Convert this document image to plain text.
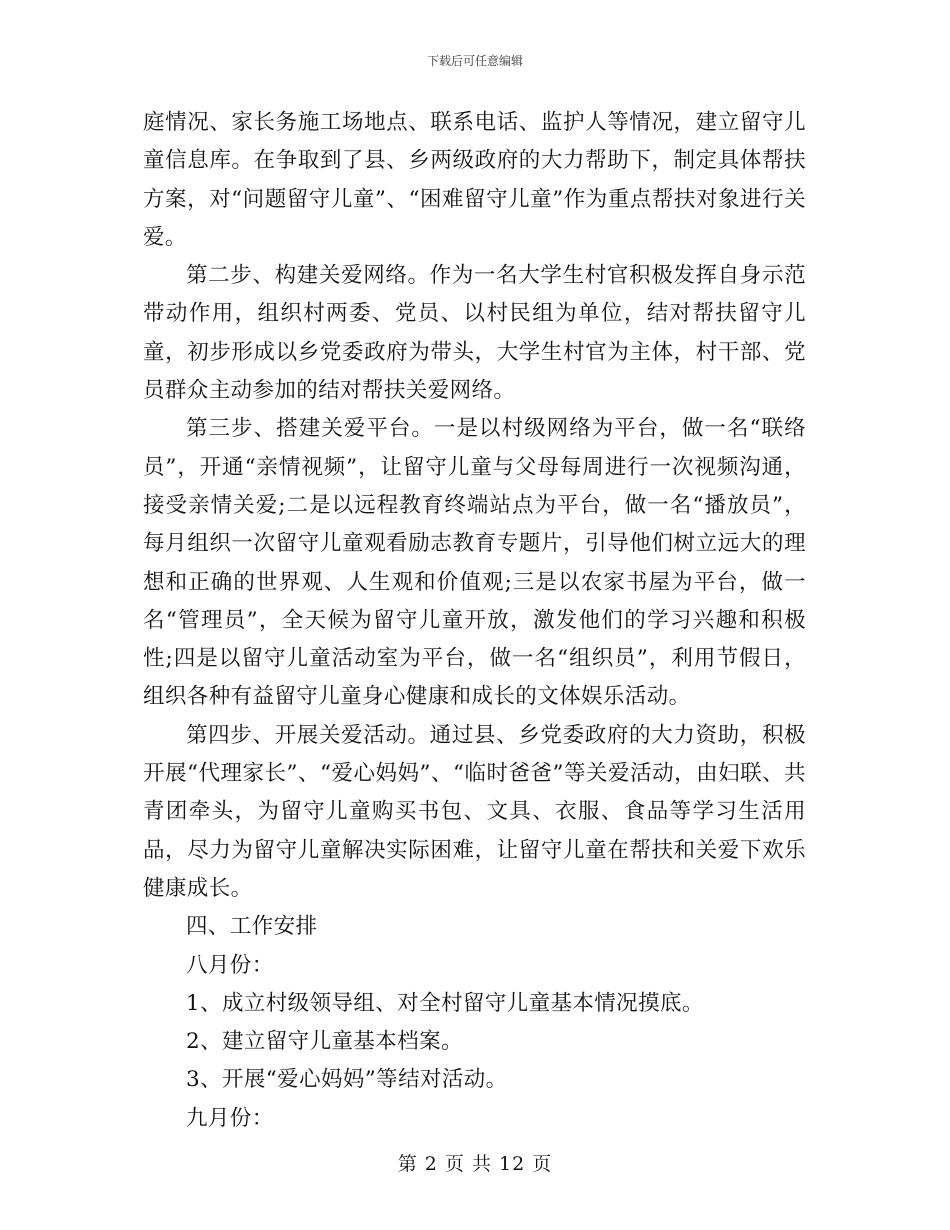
下载后可任意编辑

庭情况、家长务施工场地点、联系电话、监护人等情况，建立留守儿童信息库。在争取到了县、乡两级政府的大力帮助下，制定具体帮扶方案，对“问题留守儿童”、“困难留守儿童”作为重点帮扶对象进行关爱。

第二步、构建关爱网络。作为一名大学生村官积极发挥自身示范带动作用，组织村两委、党员、以村民组为单位，结对帮扶留守儿童，初步形成以乡党委政府为带头，大学生村官为主体，村干部、党员群众主动参加的结对帮扶关爱网络。

第三步、搭建关爱平台。一是以村级网络为平台，做一名“联络员”，开通“亲情视频”，让留守儿童与父母每周进行一次视频沟通，接受亲情关爱;二是以远程教育终端站点为平台，做一名“播放员”，每月组织一次留守儿童观看励志教育专题片，引导他们树立远大的理想和正确的世界观、人生观和价值观;三是以农家书屋为平台，做一名“管理员”，全天候为留守儿童开放，激发他们的学习兴趣和积极性;四是以留守儿童活动室为平台，做一名“组织员”，利用节假日，组织各种有益留守儿童身心健康和成长的文体娱乐活动。

第四步、开展关爱活动。通过县、乡党委政府的大力资助，积极开展“代理家长”、“爱心妈妈”、“临时爸爸”等关爱活动，由妇联、共青团牵头，为留守儿童购买书包、文具、衣服、食品等学习生活用品，尽力为留守儿童解决实际困难，让留守儿童在帮扶和关爱下欢乐健康成长。

四、工作安排

八月份：

1、成立村级领导组、对全村留守儿童基本情况摸底。

2、建立留守儿童基本档案。

3、开展“爱心妈妈”等结对活动。

九月份：

第 2 页 共 12 页
